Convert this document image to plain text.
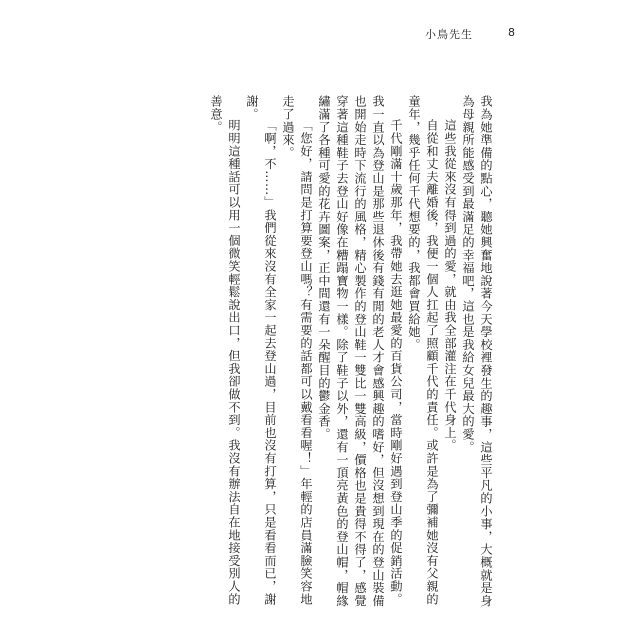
小鳥先生	8

我為她準備的點心，聽她興奮地說著今天學校裡發生的趣事，這些平凡的小事，大概就是身為母親所能感受到最滿足的幸福吧，這也是我給女兒最大的愛。

這些我從來沒有得到過的愛，就由我全部灌注在千代身上。

自從和丈夫離婚後，我便一個人扛起了照顧千代的責任。或許是為了彌補她沒有父親的童年，幾乎任何千代想要的，我都會買給她。

千代剛滿十歲那年，我帶她去逛她最愛的百貨公司，當時剛好遇到登山季的促銷活動。我一直以為登山是那些退休後有錢有閒的老人才會感興趣的嗜好，但沒想到現在的登山裝備也開始走時下流行的風格，精心製作的登山鞋一雙比一雙高級，價格也是貴得不得了，感覺穿著這種鞋子去登山好像在糟蹋寶物一樣。除了鞋子以外，還有一頂亮黃色的登山帽，帽緣繡滿了各種可愛的花卉圖案，正中間還有一朵醒目的鬱金香。

「您好，請問是打算要登山嗎？有需要的話都可以戴看看喔！」年輕的店員滿臉笑容地走了過來。

「啊，不……」我們從來沒有全家一起去登山過，目前也沒有打算，只是看看而已，謝謝。

明明這種話可以用一個微笑輕鬆說出口，但我卻做不到。我沒有辦法自在地接受別人的善意。
